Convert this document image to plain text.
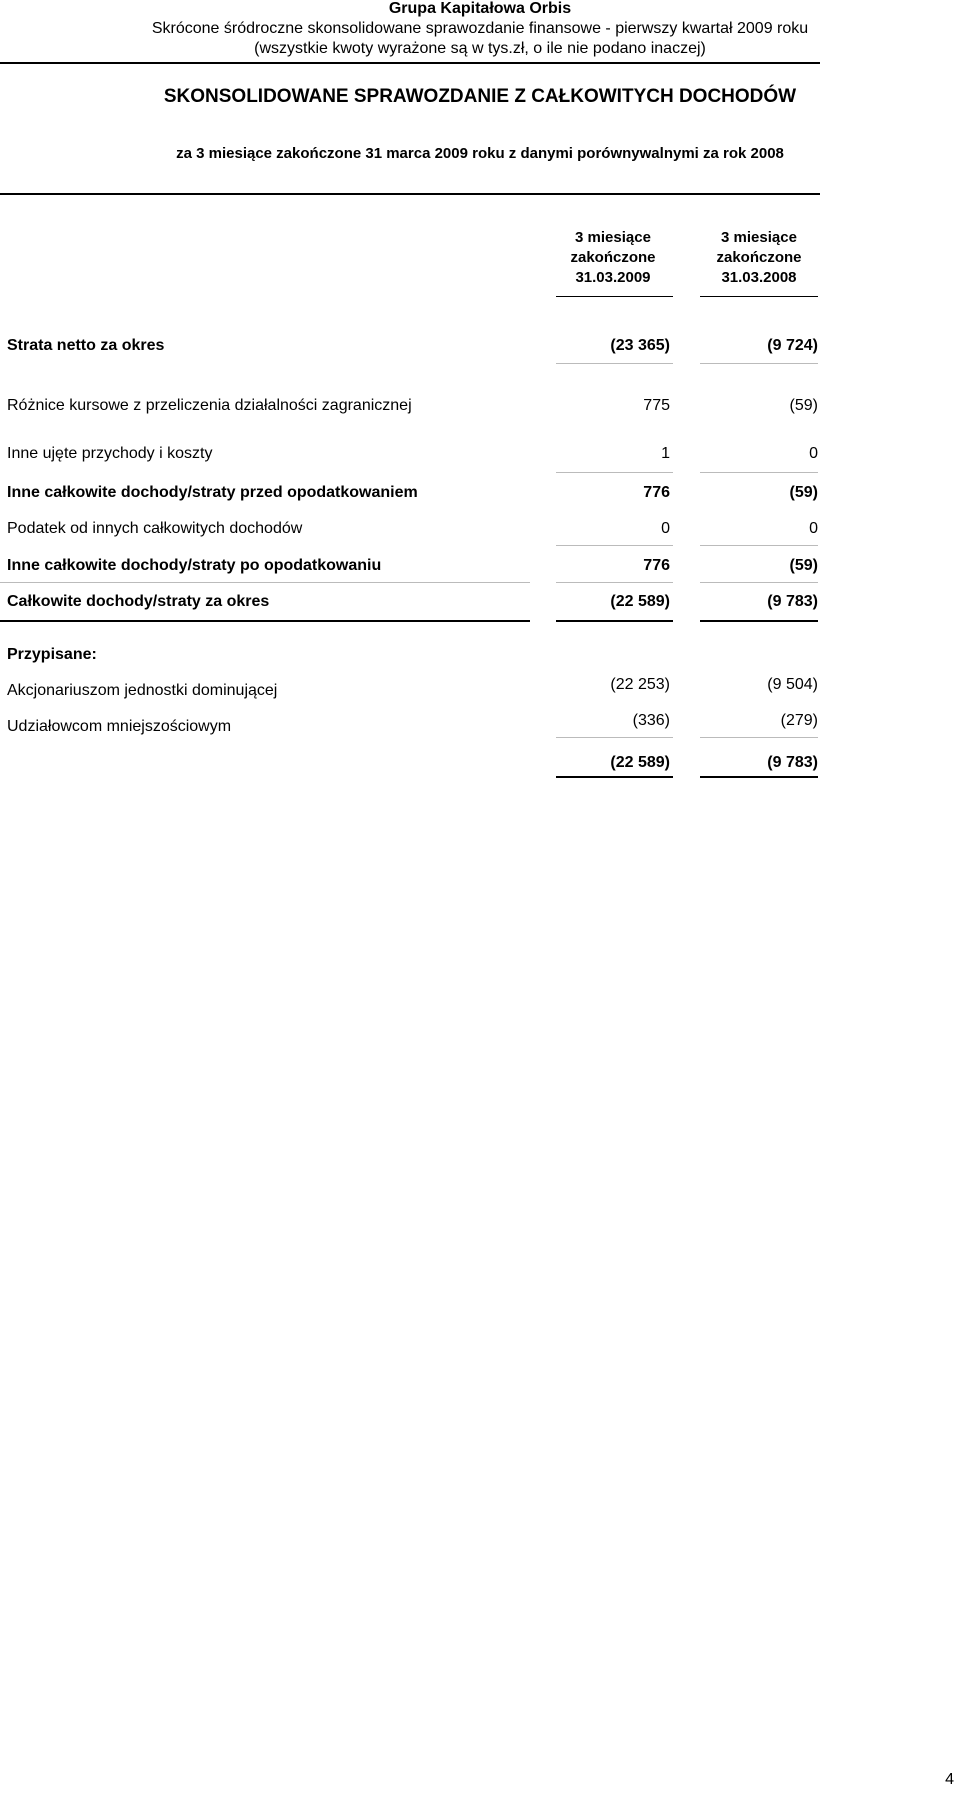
Grupa Kapitałowa Orbis
Skrócone śródroczne skonsolidowane sprawozdanie finansowe - pierwszy kwartał 2009 roku
(wszystkie kwoty wyrażone są w tys.zł, o ile nie podano inaczej)
SKONSOLIDOWANE SPRAWOZDANIE Z CAŁKOWITYCH DOCHODÓW
za 3 miesiące zakończone 31 marca 2009 roku z danymi porównywalnymi za rok 2008
3 miesiące
zakończone
31.03.2009
3 miesiące
zakończone
31.03.2008
Strata netto za okres	(23 365)	(9 724)
Różnice kursowe z przeliczenia działalności zagranicznej	775	(59)
Inne ujęte przychody i koszty	1	0
Inne całkowite dochody/straty przed opodatkowaniem	776	(59)
Podatek od innych całkowitych dochodów	0	0
Inne całkowite dochody/straty po opodatkowaniu	776	(59)
Całkowite dochody/straty za okres	(22 589)	(9 783)
Przypisane:
Akcjonariuszom jednostki dominującej	(22 253)	(9 504)
Udziałowcom mniejszościowym	(336)	(279)
(22 589)	(9 783)
4
